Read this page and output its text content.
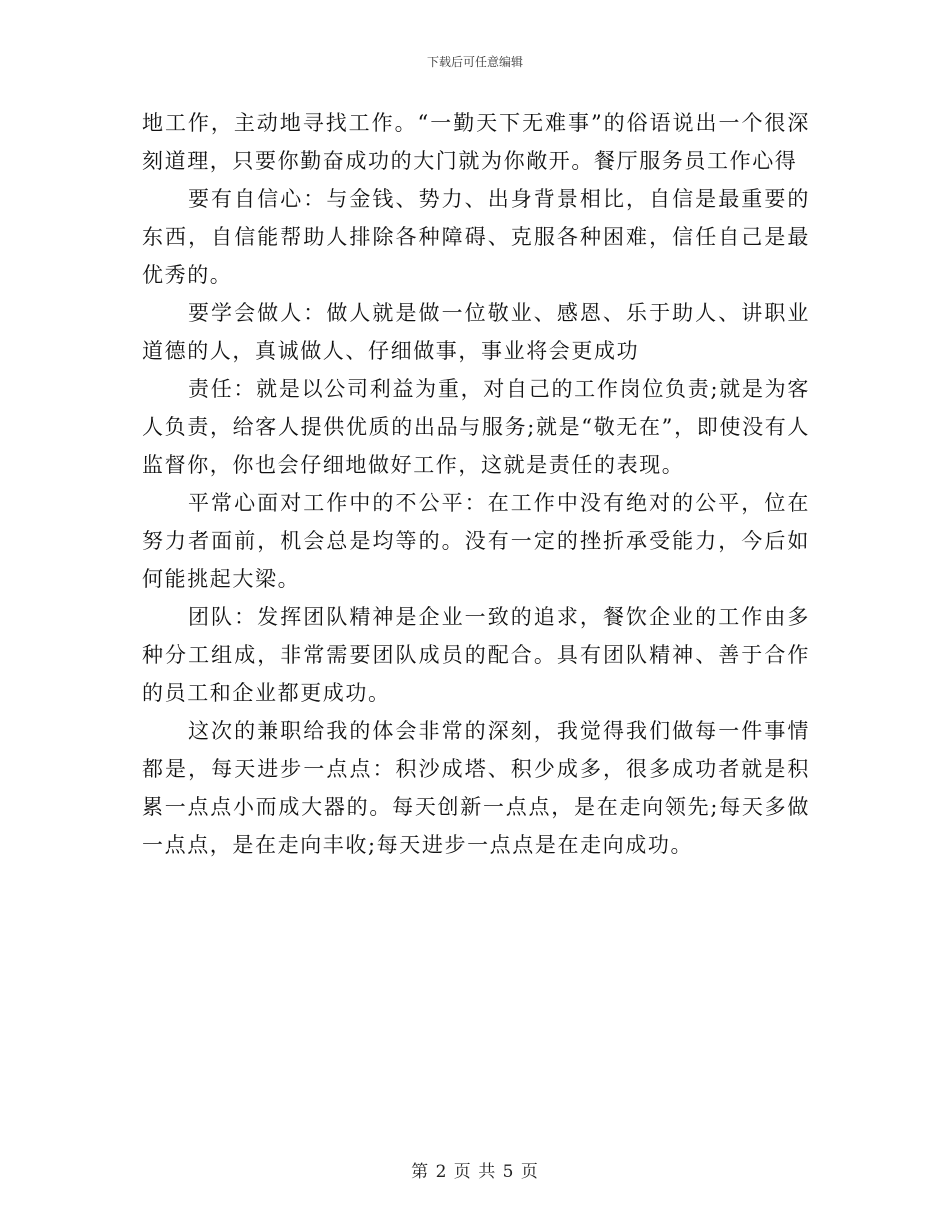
下载后可任意编辑

地工作，主动地寻找工作。“一勤天下无难事”的俗语说出一个很深刻道理，只要你勤奋成功的大门就为你敞开。餐厅服务员工作心得

要有自信心：与金钱、势力、出身背景相比，自信是最重要的东西，自信能帮助人排除各种障碍、克服各种困难，信任自己是最优秀的。

要学会做人：做人就是做一位敬业、感恩、乐于助人、讲职业道德的人，真诚做人、仔细做事，事业将会更成功

责任：就是以公司利益为重，对自己的工作岗位负责;就是为客人负责，给客人提供优质的出品与服务;就是“敬无在”，即使没有人监督你，你也会仔细地做好工作，这就是责任的表现。

平常心面对工作中的不公平：在工作中没有绝对的公平，位在努力者面前，机会总是均等的。没有一定的挫折承受能力，今后如何能挑起大梁。

团队：发挥团队精神是企业一致的追求，餐饮企业的工作由多种分工组成，非常需要团队成员的配合。具有团队精神、善于合作的员工和企业都更成功。

这次的兼职给我的体会非常的深刻，我觉得我们做每一件事情都是，每天进步一点点：积沙成塔、积少成多，很多成功者就是积累一点点小而成大器的。每天创新一点点，是在走向领先;每天多做一点点，是在走向丰收;每天进步一点点是在走向成功。

第 2 页 共 5 页
